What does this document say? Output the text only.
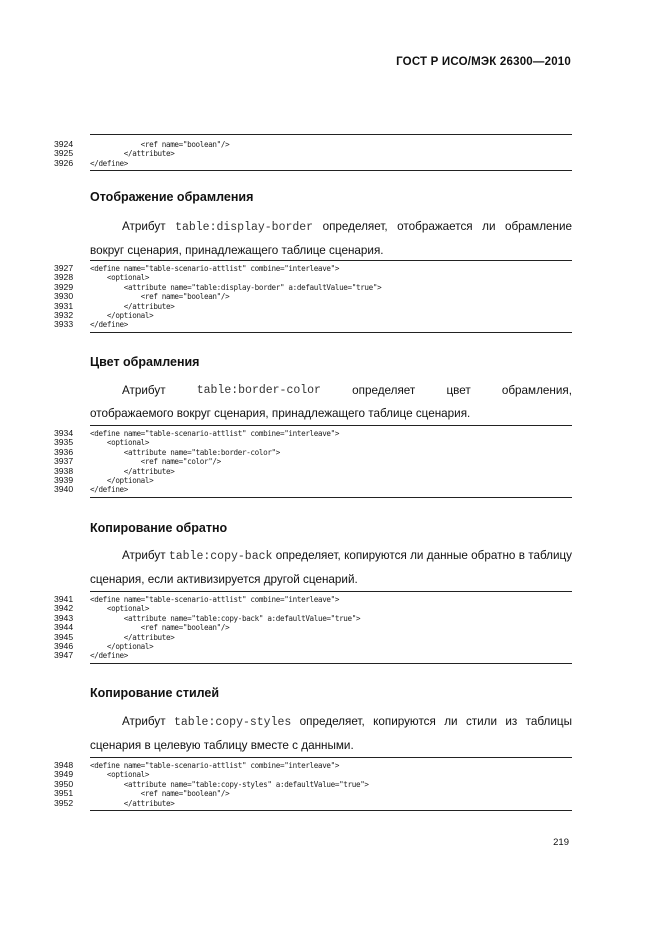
ГОСТ Р ИСО/МЭК 26300—2010
3924	<ref name="boolean"/>
3925	</attribute>
3926	</define>
Отображение обрамления
Атрибут table:display-border определяет, отображается ли обрамление вокруг сценария, принадлежащего таблице сценария.
3927	<define name="table-scenario-attlist" combine="interleave">
3928	<optional>
3929	<attribute name="table:display-border" a:defaultValue="true">
3930	<ref name="boolean"/>
3931	</attribute>
3932	</optional>
3933	</define>
Цвет обрамления
Атрибут	table:border-color	определяет	цвет	обрамления,
отображаемого вокруг сценария, принадлежащего таблице сценария.
3934	<define name="table-scenario-attlist" combine="interleave">
3935	<optional>
3936	<attribute name="table:border-color">
3937	<ref name="color"/>
3938	</attribute>
3939	</optional>
3940	</define>
Копирование обратно
Атрибут table:copy-back определяет, копируются ли данные обратно в таблицу сценария, если активизируется другой сценарий.
3941	<define name="table-scenario-attlist" combine="interleave">
3942	<optional>
3943	<attribute name="table:copy-back" a:defaultValue="true">
3944	<ref name="boolean"/>
3945	</attribute>
3946	</optional>
3947	</define>
Копирование стилей
Атрибут table:copy-styles определяет, копируются ли стили из таблицы сценария в целевую таблицу вместе с данными.
3948	<define name="table-scenario-attlist" combine="interleave">
3949	<optional>
3950	<attribute name="table:copy-styles" a:defaultValue="true">
3951	<ref name="boolean"/>
3952	</attribute>
219
